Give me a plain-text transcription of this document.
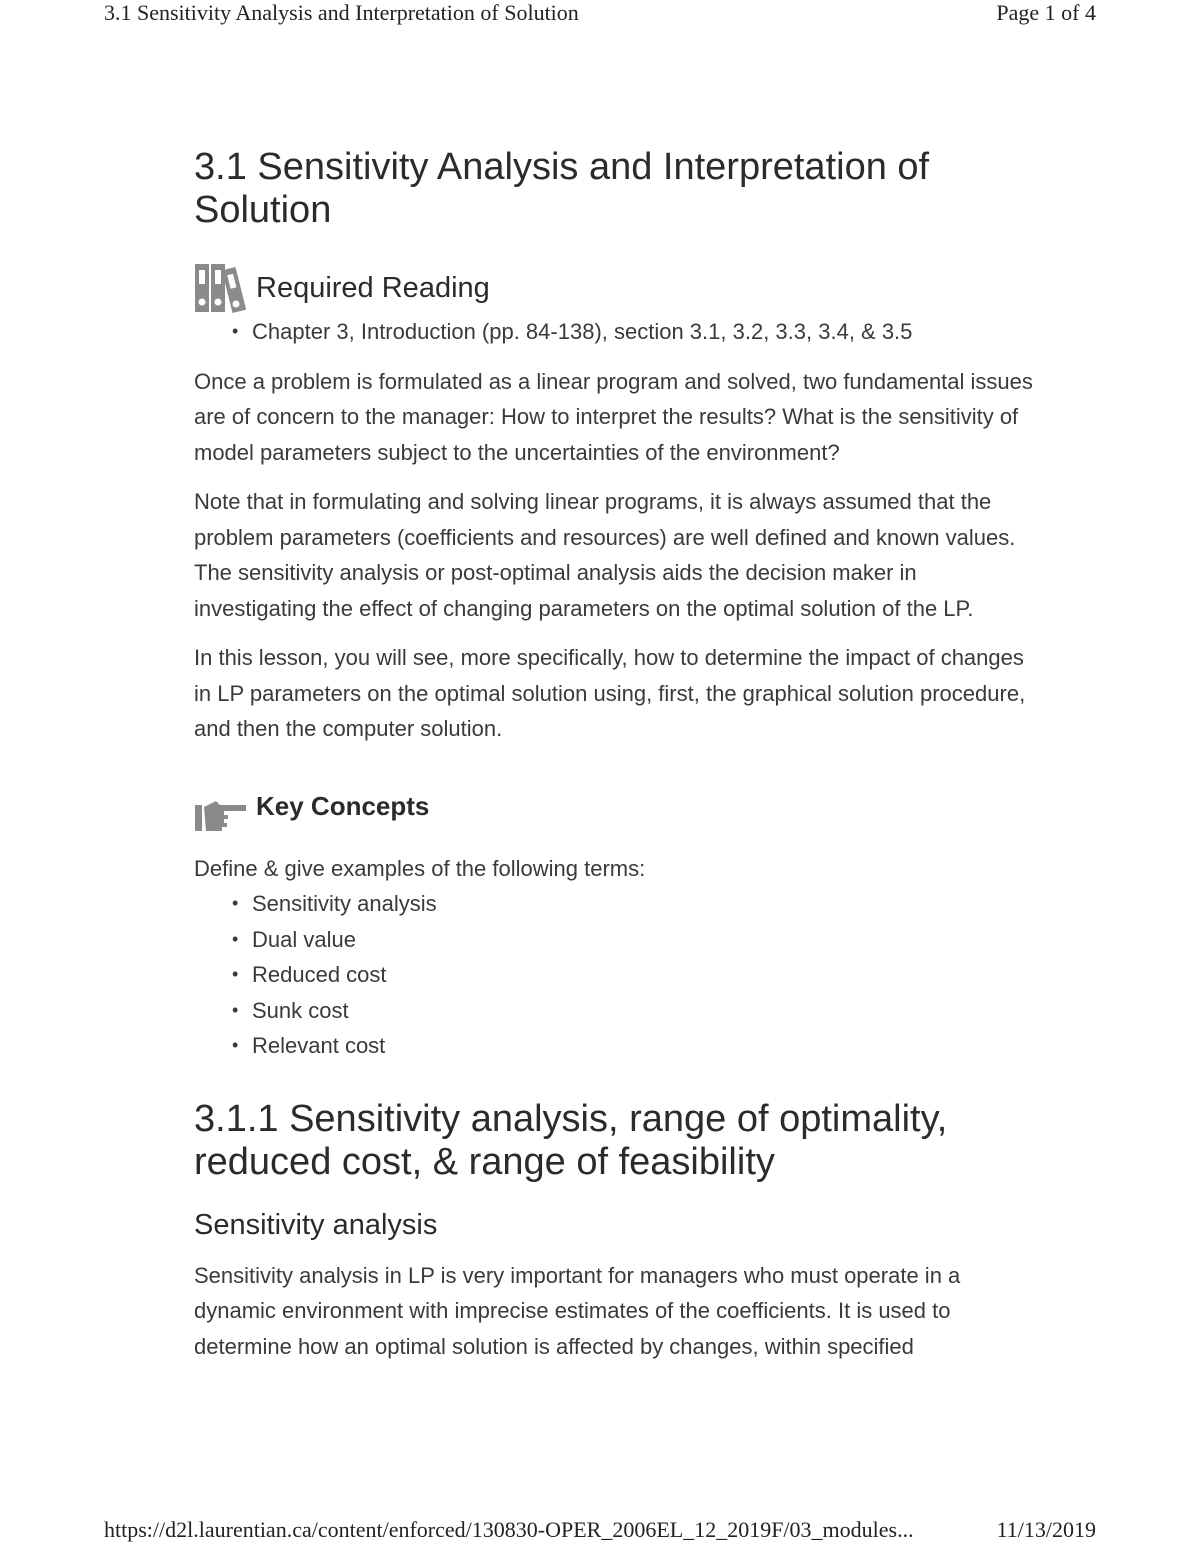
3.1 Sensitivity Analysis and Interpretation of Solution	Page 1 of 4
3.1 Sensitivity Analysis and Interpretation of
Solution
Required Reading
• Chapter 3, Introduction (pp. 84-138), section 3.1, 3.2, 3.3, 3.4, & 3.5

Once a problem is formulated as a linear program and solved, two fundamental issues are of concern to the manager: How to interpret the results? What is the sensitivity of model parameters subject to the uncertainties of the environment?

Note that in formulating and solving linear programs, it is always assumed that the problem parameters (coefficients and resources) are well defined and known values. The sensitivity analysis or post-optimal analysis aids the decision maker in investigating the effect of changing parameters on the optimal solution of the LP.

In this lesson, you will see, more specifically, how to determine the impact of changes in LP parameters on the optimal solution using, first, the graphical solution procedure, and then the computer solution.

Key Concepts

Define & give examples of the following terms:

• Sensitivity analysis
• Dual value
• Reduced cost
• Sunk cost
• Relevant cost
3.1.1 Sensitivity analysis, range of optimality,
reduced cost, & range of feasibility
Sensitivity analysis

Sensitivity analysis in LP is very important for managers who must operate in a dynamic environment with imprecise estimates of the coefficients. It is used to determine how an optimal solution is affected by changes, within specified

https://d2l.laurentian.ca/content/enforced/130830-OPER_2006EL_12_2019F/03_modules...	11/13/2019
